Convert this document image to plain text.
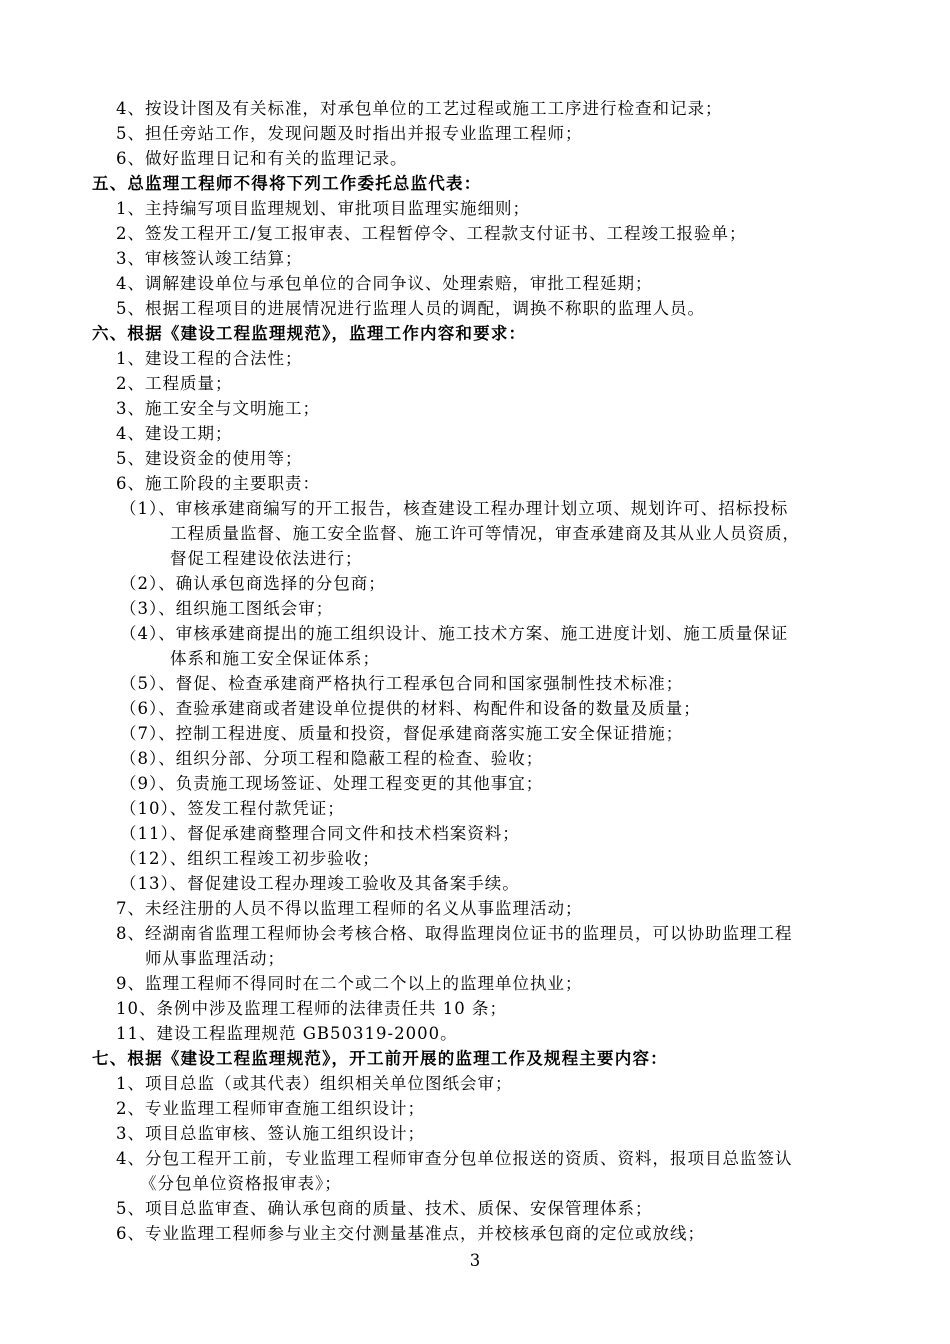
4、按设计图及有关标准，对承包单位的工艺过程或施工工序进行检查和记录；
5、担任旁站工作，发现问题及时指出并报专业监理工程师；
6、做好监理日记和有关的监理记录。
五、总监理工程师不得将下列工作委托总监代表：
1、主持编写项目监理规划、审批项目监理实施细则；
2、签发工程开工/复工报审表、工程暂停令、工程款支付证书、工程竣工报验单；
3、审核签认竣工结算；
4、调解建设单位与承包单位的合同争议、处理索赔，审批工程延期；
5、根据工程项目的进展情况进行监理人员的调配，调换不称职的监理人员。
六、根据《建设工程监理规范》，监理工作内容和要求：
1、建设工程的合法性；
2、工程质量；
3、施工安全与文明施工；
4、建设工期；
5、建设资金的使用等；
6、施工阶段的主要职责：
（1）、审核承建商编写的开工报告，核查建设工程办理计划立项、规划许可、招标投标
工程质量监督、施工安全监督、施工许可等情况，审查承建商及其从业人员资质，
督促工程建设依法进行；
（2）、确认承包商选择的分包商；
（3）、组织施工图纸会审；
（4）、审核承建商提出的施工组织设计、施工技术方案、施工进度计划、施工质量保证
体系和施工安全保证体系；
（5）、督促、检查承建商严格执行工程承包合同和国家强制性技术标准；
（6）、查验承建商或者建设单位提供的材料、构配件和设备的数量及质量；
（7）、控制工程进度、质量和投资，督促承建商落实施工安全保证措施；
（8）、组织分部、分项工程和隐蔽工程的检查、验收；
（9）、负责施工现场签证、处理工程变更的其他事宜；
（10）、签发工程付款凭证；
（11）、督促承建商整理合同文件和技术档案资料；
（12）、组织工程竣工初步验收；
（13）、督促建设工程办理竣工验收及其备案手续。
7、未经注册的人员不得以监理工程师的名义从事监理活动；
8、经湖南省监理工程师协会考核合格、取得监理岗位证书的监理员，可以协助监理工程
师从事监理活动；
9、监理工程师不得同时在二个或二个以上的监理单位执业；
10、条例中涉及监理工程师的法律责任共 10 条；
11、建设工程监理规范 GB50319-2000。
七、根据《建设工程监理规范》，开工前开展的监理工作及规程主要内容：
1、项目总监（或其代表）组织相关单位图纸会审；
2、专业监理工程师审查施工组织设计；
3、项目总监审核、签认施工组织设计；
4、分包工程开工前，专业监理工程师审查分包单位报送的资质、资料，报项目总监签认
《分包单位资格报审表》；
5、项目总监审查、确认承包商的质量、技术、质保、安保管理体系；
6、专业监理工程师参与业主交付测量基准点，并校核承包商的定位或放线；
3
